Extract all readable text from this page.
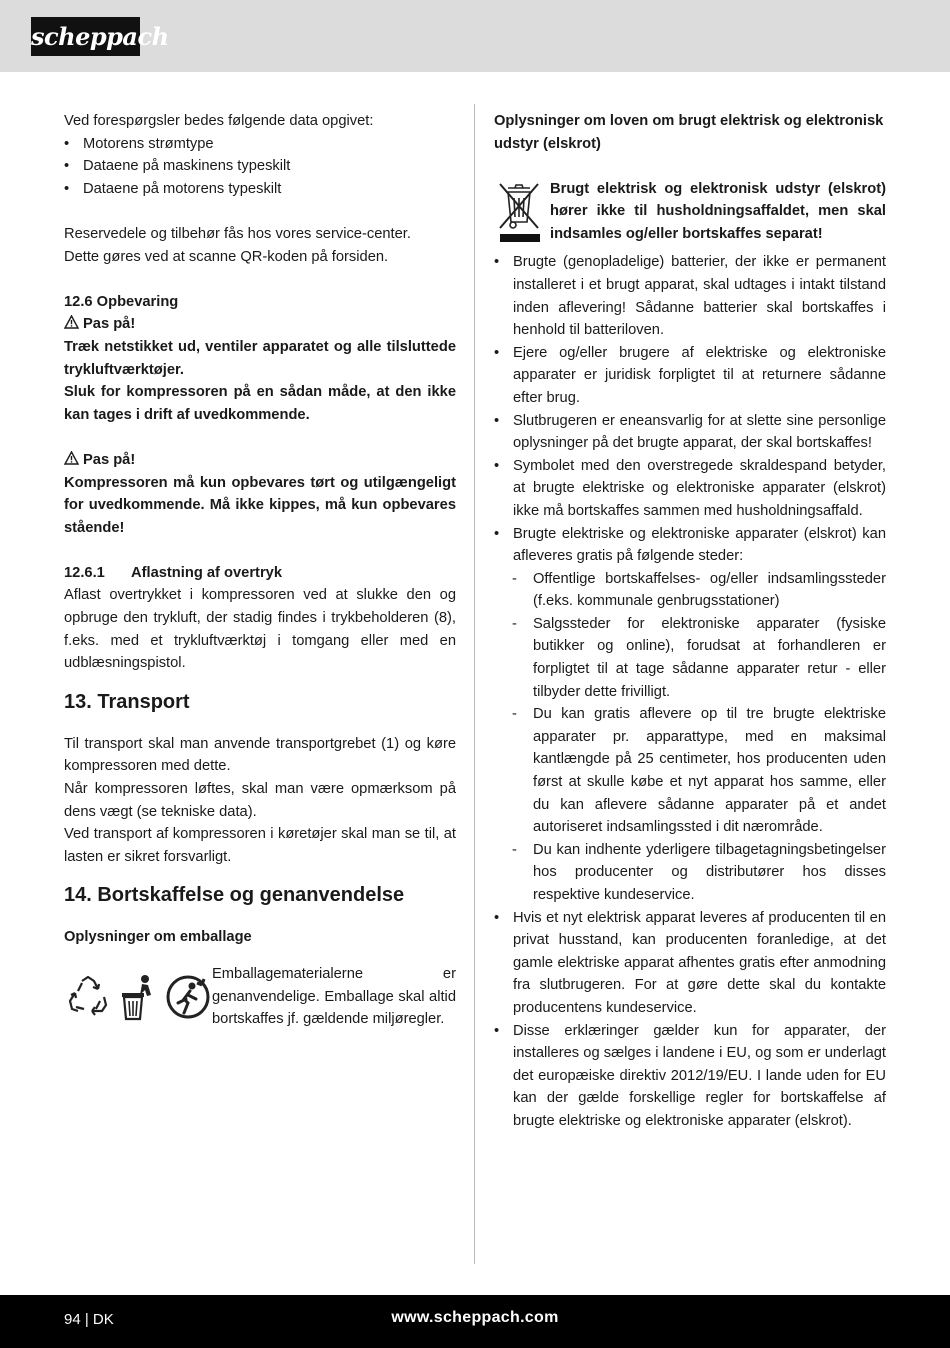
scheppach

Ved forespørgsler bedes følgende data opgivet:

• Motorens strømtype
• Dataene på maskinens typeskilt
• Dataene på motorens typeskilt

Reservedele og tilbehør fås hos vores service-center.

Dette gøres ved at scanne QR-koden på forsiden.

12.6 Opbevaring

Pas på!

Træk netstikket ud, ventiler apparatet og alle tilsluttede trykluftværktøjer.

Sluk for kompressoren på en sådan måde, at den ikke kan tages i drift af uvedkommende.

Pas på!

Kompressoren må kun opbevares tørt og utilgængeligt for uvedkommende. Må ikke kippes, må kun opbevares stående!

12.6.1 Aflastning af overtryk

Aflast overtrykket i kompressoren ved at slukke den og opbruge den trykluft, der stadig findes i trykbeholderen (8), f.eks. med et trykluftværktøj i tomgang eller med en udblæsningspistol.

13. Transport

Til transport skal man anvende transportgrebet (1) og køre kompressoren med dette.

Når kompressoren løftes, skal man være opmærksom på dens vægt (se tekniske data).

Ved transport af kompressoren i køretøjer skal man se til, at lasten er sikret forsvarligt.

14. Bortskaffelse og genanvendelse

Oplysninger om emballage

Emballagematerialerne er genanvendelige. Emballage skal altid bortskaffes jf. gældende miljøregler.

Oplysninger om loven om brugt elektrisk og elektronisk udstyr (elskrot)

Brugt elektrisk og elektronisk udstyr (elskrot) hører ikke til husholdningsaffaldet, men skal indsamles og/eller bortskaffes separat!

• Brugte (genopladelige) batterier, der ikke er permanent installeret i et brugt apparat, skal udtages i intakt tilstand inden aflevering! Sådanne batterier skal bortskaffes i henhold til batteriloven.
• Ejere og/eller brugere af elektriske og elektroniske apparater er juridisk forpligtet til at returnere sådanne efter brug.
• Slutbrugeren er eneansvarlig for at slette sine personlige oplysninger på det brugte apparat, der skal bortskaffes!
• Symbolet med den overstregede skraldespand betyder, at brugte elektriske og elektroniske apparater (elskrot) ikke må bortskaffes sammen med husholdningsaffald.
• Brugte elektriske og elektroniske apparater (elskrot) kan afleveres gratis på følgende steder:
- Offentlige bortskaffelses- og/eller indsamlingssteder (f.eks. kommunale genbrugsstationer)
- Salgssteder for elektroniske apparater (fysiske butikker og online), forudsat at forhandleren er forpligtet til at tage sådanne apparater retur - eller tilbyder dette frivilligt.
- Du kan gratis aflevere op til tre brugte elektriske apparater pr. apparattype, med en maksimal kantlængde på 25 centimeter, hos producenten uden først at skulle købe et nyt apparat hos samme, eller du kan aflevere sådanne apparater på et andet autoriseret indsamlingssted i dit nærområde.
- Du kan indhente yderligere tilbagetagningsbetingelser hos producenter og distributører hos disses respektive kundeservice.
• Hvis et nyt elektrisk apparat leveres af producenten til en privat husstand, kan producenten foranledige, at det gamle elektriske apparat afhentes gratis efter anmodning fra slutbrugeren. For at gøre dette skal du kontakte producentens kundeservice.
• Disse erklæringer gælder kun for apparater, der installeres og sælges i landene i EU, og som er underlagt det europæiske direktiv 2012/19/EU. I lande uden for EU kan der gælde forskellige regler for bortskaffelse af brugte elektriske og elektroniske apparater (elskrot).
94 | DK	www.scheppach.com
